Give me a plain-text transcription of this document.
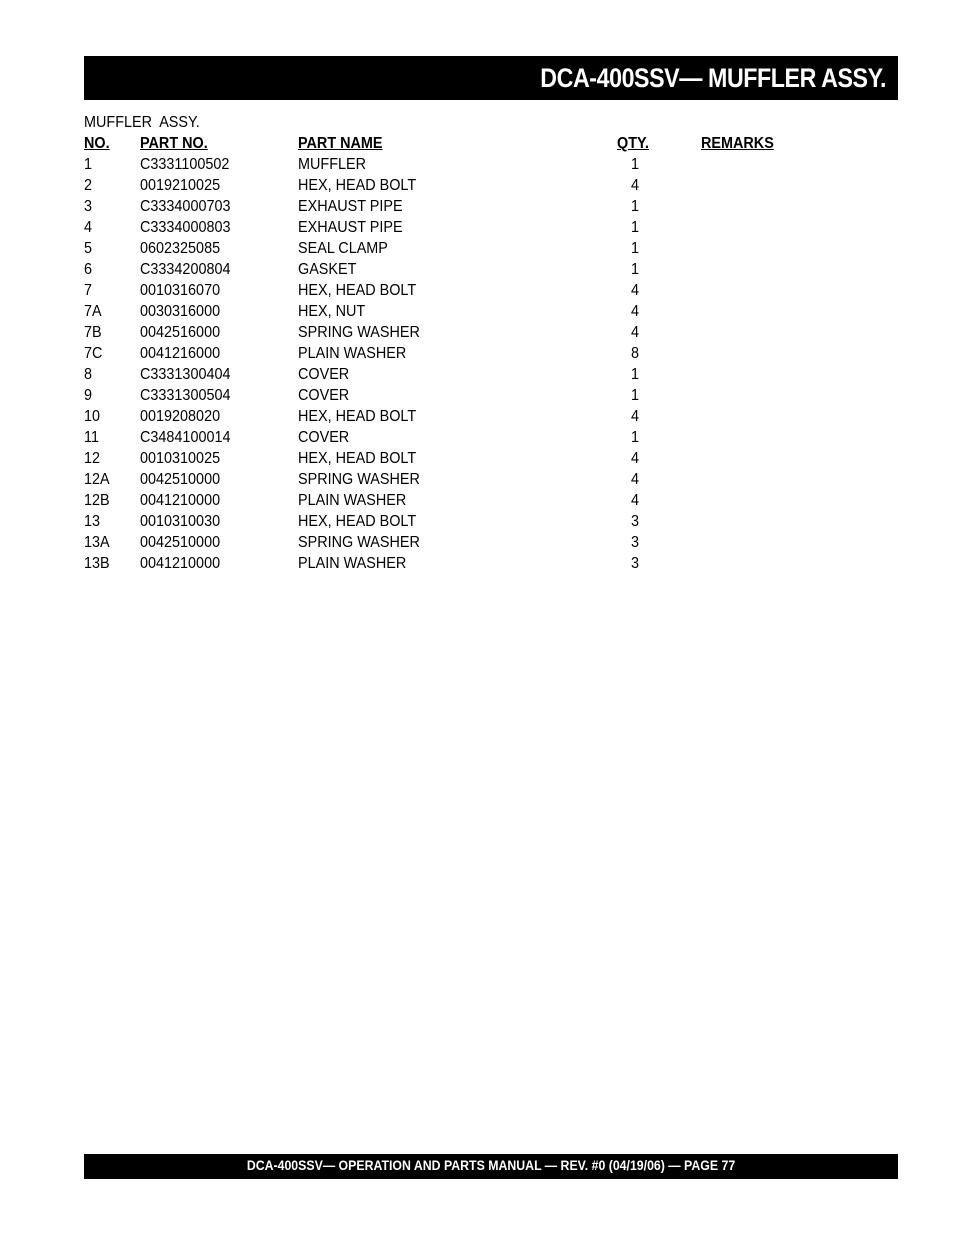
DCA-400SSV— MUFFLER ASSY.
MUFFLER  ASSY.
NO. PART NO.	PART NAME	QTY.	REMARKS
1	C3331100502	MUFFLER	1
2	0019210025	HEX, HEAD BOLT	4
3	C3334000703	EXHAUST PIPE	1
4	C3334000803	EXHAUST PIPE	1
5	0602325085	SEAL CLAMP	1
6	C3334200804	GASKET	1
7	0010316070	HEX, HEAD BOLT	4
7A 0030316000	HEX, NUT	4
7B 0042516000	SPRING WASHER	4
7C 0041216000	PLAIN WASHER	8
8	C3331300404	COVER	1
9	C3331300504	COVER	1
10 0019208020	HEX, HEAD BOLT	4
11	C3484100014	COVER	1
12 0010310025	HEX, HEAD BOLT	4
12A 0042510000	SPRING WASHER	4
12B 0041210000	PLAIN WASHER	4
13 0010310030	HEX, HEAD BOLT	3
13A 0042510000	SPRING WASHER	3
13B 0041210000	PLAIN WASHER	3
DCA-400SSV— OPERATION AND PARTS MANUAL — REV. #0 (04/19/06) — PAGE 77
